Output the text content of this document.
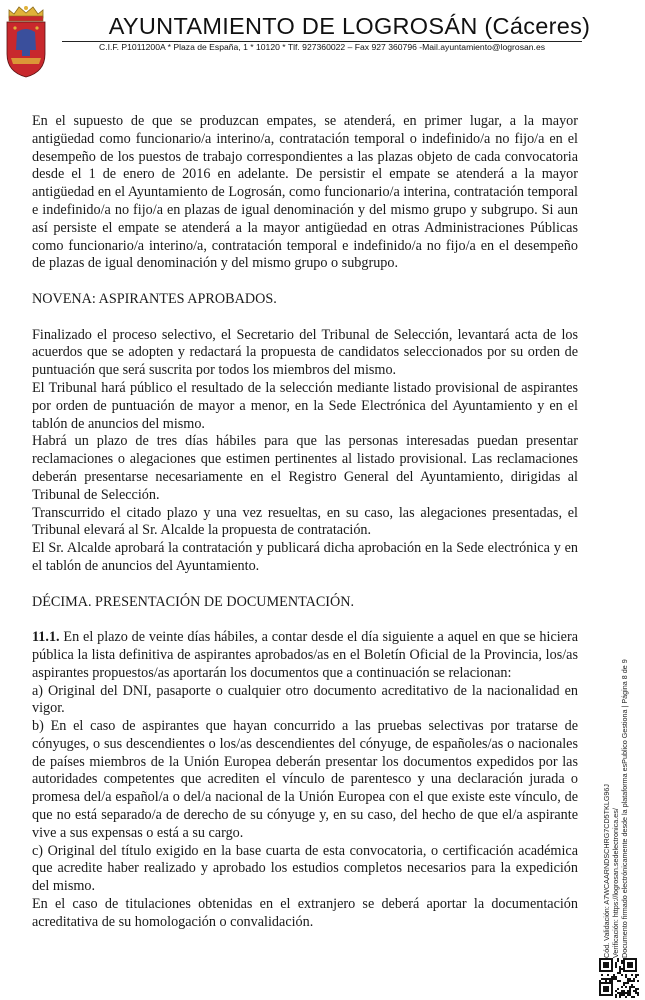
AYUNTAMIENTO DE LOGROSÁN (Cáceres)
C.I.F. P1011200A * Plaza de España, 1 * 10120 * Tlf. 927360022 – Fax 927 360796 -Mail.ayuntamiento@logrosan.es

En el supuesto de que se produzcan empates, se atenderá, en primer lugar, a la mayor antigüedad como funcionario/a interino/a, contratación temporal o indefinido/a no fijo/a en el desempeño de los puestos de trabajo correspondientes a las plazas objeto de cada convocatoria desde el 1 de enero de 2016 en adelante. De persistir el empate se atenderá a la mayor antigüedad en el Ayuntamiento de Logrosán, como funcionario/a interina, contratación temporal e indefinido/a no fijo/a en plazas de igual denominación y del mismo grupo y subgrupo. Si aun así persiste el empate se atenderá a la mayor antigüedad en otras Administraciones Públicas como funcionario/a interino/a, contratación temporal e indefinido/a no fijo/a en el desempeño de plazas de igual denominación y del mismo grupo o subgrupo.

NOVENA: ASPIRANTES APROBADOS.

Finalizado el proceso selectivo, el Secretario del Tribunal de Selección, levantará acta de los acuerdos que se adopten y redactará la propuesta de candidatos seleccionados por su orden de puntuación que será suscrita por todos los miembros del mismo.

El Tribunal hará público el resultado de la selección mediante listado provisional de aspirantes por orden de puntuación de mayor a menor, en la Sede Electrónica del Ayuntamiento y en el tablón de anuncios del mismo.

Habrá un plazo de tres días hábiles para que las personas interesadas puedan presentar reclamaciones o alegaciones que estimen pertinentes al listado provisional. Las reclamaciones deberán presentarse necesariamente en el Registro General del Ayuntamiento, dirigidas al Tribunal de Selección.

Transcurrido el citado plazo y una vez resueltas, en su caso, las alegaciones presentadas, el Tribunal elevará al Sr. Alcalde la propuesta de contratación.

El Sr. Alcalde aprobará la contratación y publicará dicha aprobación en la Sede electrónica y en el tablón de anuncios del Ayuntamiento.

DÉCIMA. PRESENTACIÓN DE DOCUMENTACIÓN.

11.1. En el plazo de veinte días hábiles, a contar desde el día siguiente a aquel en que se hiciera pública la lista definitiva de aspirantes aprobados/as en el Boletín Oficial de la Provincia, los/as aspirantes propuestos/as aportarán los documentos que a continuación se relacionan:

a) Original del DNI, pasaporte o cualquier otro documento acreditativo de la nacionalidad en vigor.

b) En el caso de aspirantes que hayan concurrido a las pruebas selectivas por tratarse de cónyuges, o sus descendientes o los/as descendientes del cónyuge, de españoles/as o nacionales de países miembros de la Unión Europea deberán presentar los documentos expedidos por las autoridades competentes que acrediten el vínculo de parentesco y una declaración jurada o promesa del/a español/a o del/a nacional de la Unión Europea con el que existe este vínculo, de que no está separado/a de derecho de su cónyuge y, en su caso, del hecho de que el/a aspirante vive a sus expensas o está a su cargo.

c) Original del título exigido en la base cuarta de esta convocatoria, o certificación académica que acredite haber realizado y aprobado los estudios completos necesarios para la expedición del mismo.

En el caso de titulaciones obtenidas en el extranjero se deberá aportar la documentación acreditativa de su homologación o convalidación.	Cód. Validación: A7WCAARNDSCHRG7CD5TKLG96J Verificación: https://logrosan.sedelectronica.es/ Documento firmado electrónicamente desde la plataforma esPublico Gestiona | Página 8 de 9
